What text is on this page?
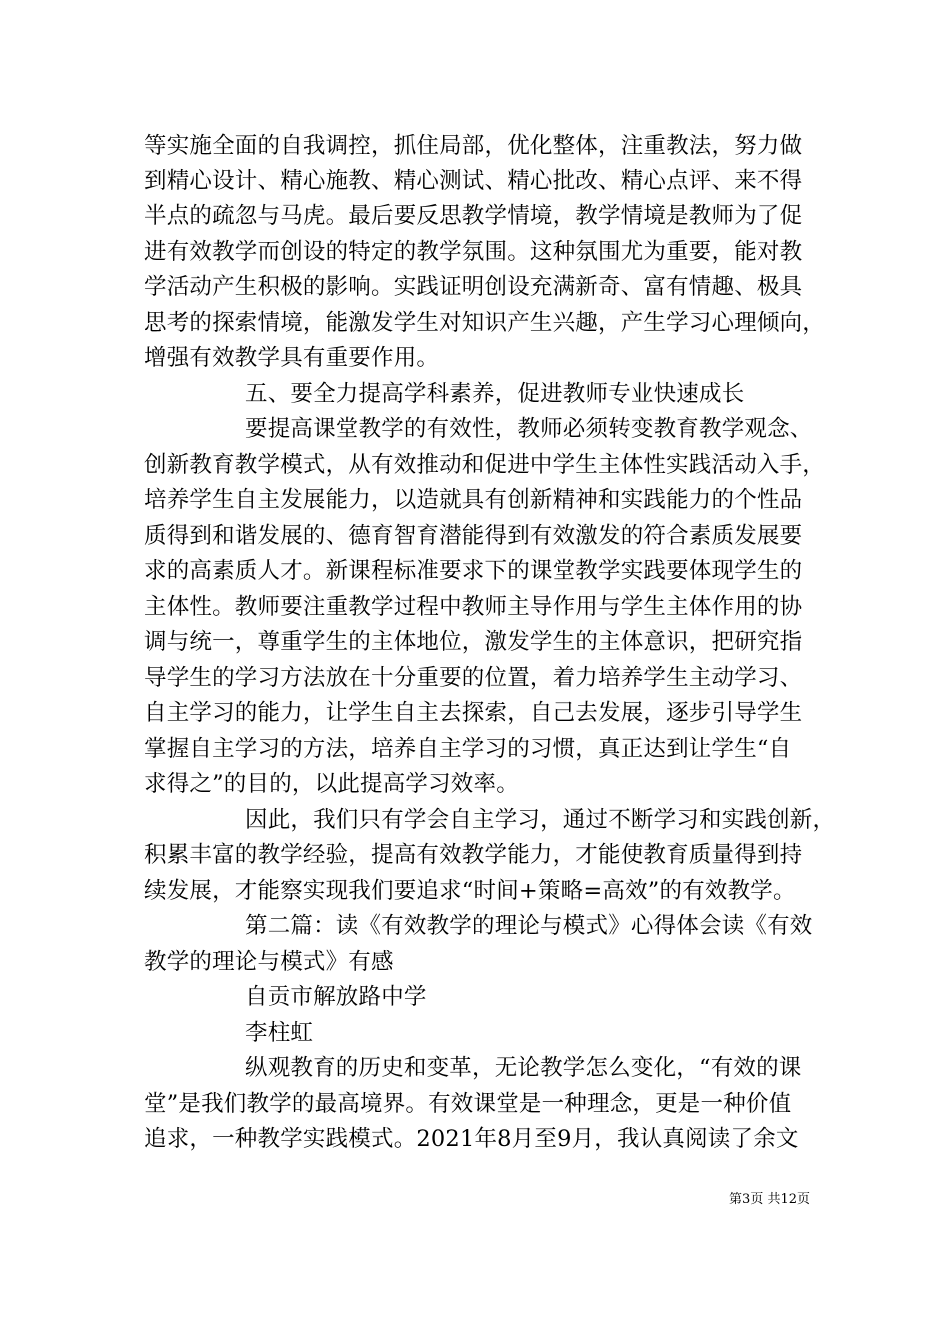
等实施全面的自我调控，抓住局部，优化整体，注重教法，努力做
到精心设计、精心施教、精心测试、精心批改、精心点评、来不得
半点的疏忽与马虎。最后要反思教学情境，教学情境是教师为了促
进有效教学而创设的特定的教学氛围。这种氛围尤为重要，能对教
学活动产生积极的影响。实践证明创设充满新奇、富有情趣、极具
思考的探索情境，能激发学生对知识产生兴趣，产生学习心理倾向，
增强有效教学具有重要作用。
五、要全力提高学科素养，促进教师专业快速成长
要提高课堂教学的有效性，教师必须转变教育教学观念、
创新教育教学模式，从有效推动和促进中学生主体性实践活动入手，
培养学生自主发展能力，以造就具有创新精神和实践能力的个性品
质得到和谐发展的、德育智育潜能得到有效激发的符合素质发展要
求的高素质人才。新课程标准要求下的课堂教学实践要体现学生的
主体性。教师要注重教学过程中教师主导作用与学生主体作用的协
调与统一，尊重学生的主体地位，激发学生的主体意识，把研究指
导学生的学习方法放在十分重要的位置，着力培养学生主动学习、
自主学习的能力，让学生自主去探索，自己去发展，逐步引导学生
掌握自主学习的方法，培养自主学习的习惯，真正达到让学生“自
求得之”的目的，以此提高学习效率。
因此，我们只有学会自主学习，通过不断学习和实践创新，
积累丰富的教学经验，提高有效教学能力，才能使教育质量得到持
续发展，才能察实现我们要追求“时间+策略=高效”的有效教学。
第二篇：读《有效教学的理论与模式》心得体会读《有效
教学的理论与模式》有感
自贡市解放路中学
李柱虹
纵观教育的历史和变革，无论教学怎么变化，“有效的课
堂”是我们教学的最高境界。有效课堂是一种理念，更是一种价值
追求，一种教学实践模式。2021年8月至9月，我认真阅读了余文
第3页 共12页
